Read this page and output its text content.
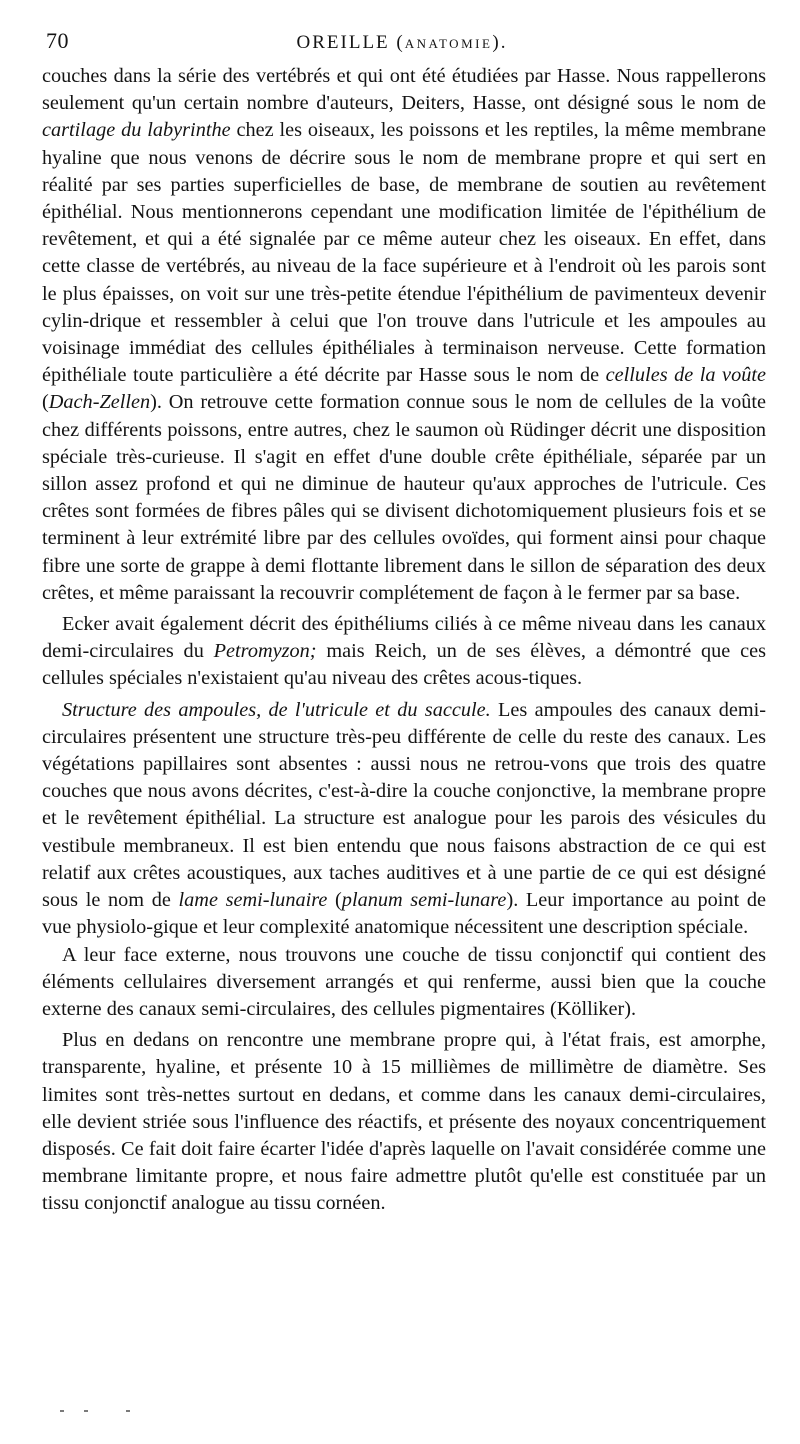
70	OREILLE (ANATOMIE).

couches dans la série des vertébrés et qui ont été étudiées par Hasse. Nous rappellerons seulement qu'un certain nombre d'auteurs, Deiters, Hasse, ont désigné sous le nom de cartilage du labyrinthe chez les oiseaux, les poissons et les reptiles, la même membrane hyaline que nous venons de décrire sous le nom de membrane propre et qui sert en réalité par ses parties superficielles de base, de membrane de soutien au revêtement épithélial. Nous mentionnerons cependant une modification limitée de l'épithélium de revêtement, et qui a été signalée par ce même auteur chez les oiseaux. En effet, dans cette classe de vertébrés, au niveau de la face supérieure et à l'endroit où les parois sont le plus épaisses, on voit sur une très-petite étendue l'épithélium de pavimenteux devenir cylin-drique et ressembler à celui que l'on trouve dans l'utricule et les ampoules au voisinage immédiat des cellules épithéliales à terminaison nerveuse. Cette formation épithéliale toute particulière a été décrite par Hasse sous le nom de cellules de la voûte (Dach-Zellen). On retrouve cette formation connue sous le nom de cellules de la voûte chez différents poissons, entre autres, chez le saumon où Rüdinger décrit une disposition spéciale très-curieuse. Il s'agit en effet d'une double crête épithéliale, séparée par un sillon assez profond et qui ne diminue de hauteur qu'aux approches de l'utricule. Ces crêtes sont formées de fibres pâles qui se divisent dichotomiquement plusieurs fois et se terminent à leur extrémité libre par des cellules ovoïdes, qui forment ainsi pour chaque fibre une sorte de grappe à demi flottante librement dans le sillon de séparation des deux crêtes, et même paraissant la recouvrir complétement de façon à le fermer par sa base.

Ecker avait également décrit des épithéliums ciliés à ce même niveau dans les canaux demi-circulaires du Petromyzon; mais Reich, un de ses élèves, a démontré que ces cellules spéciales n'existaient qu'au niveau des crêtes acous-tiques.

Structure des ampoules, de l'utricule et du saccule. Les ampoules des canaux demi-circulaires présentent une structure très-peu différente de celle du reste des canaux. Les végétations papillaires sont absentes : aussi nous ne retrou-vons que trois des quatre couches que nous avons décrites, c'est-à-dire la couche conjonctive, la membrane propre et le revêtement épithélial. La structure est analogue pour les parois des vésicules du vestibule membraneux. Il est bien entendu que nous faisons abstraction de ce qui est relatif aux crêtes acoustiques, aux taches auditives et à une partie de ce qui est désigné sous le nom de lame semi-lunaire (planum semi-lunare). Leur importance au point de vue physiolo-gique et leur complexité anatomique nécessitent une description spéciale.

A leur face externe, nous trouvons une couche de tissu conjonctif qui contient des éléments cellulaires diversement arrangés et qui renferme, aussi bien que la couche externe des canaux semi-circulaires, des cellules pigmentaires (Kölliker).

Plus en dedans on rencontre une membrane propre qui, à l'état frais, est amorphe, transparente, hyaline, et présente 10 à 15 millièmes de millimètre de diamètre. Ses limites sont très-nettes surtout en dedans, et comme dans les canaux demi-circulaires, elle devient striée sous l'influence des réactifs, et présente des noyaux concentriquement disposés. Ce fait doit faire écarter l'idée d'après laquelle on l'avait considérée comme une membrane limitante propre, et nous faire admettre plutôt qu'elle est constituée par un tissu conjonctif analogue au tissu cornéen.
